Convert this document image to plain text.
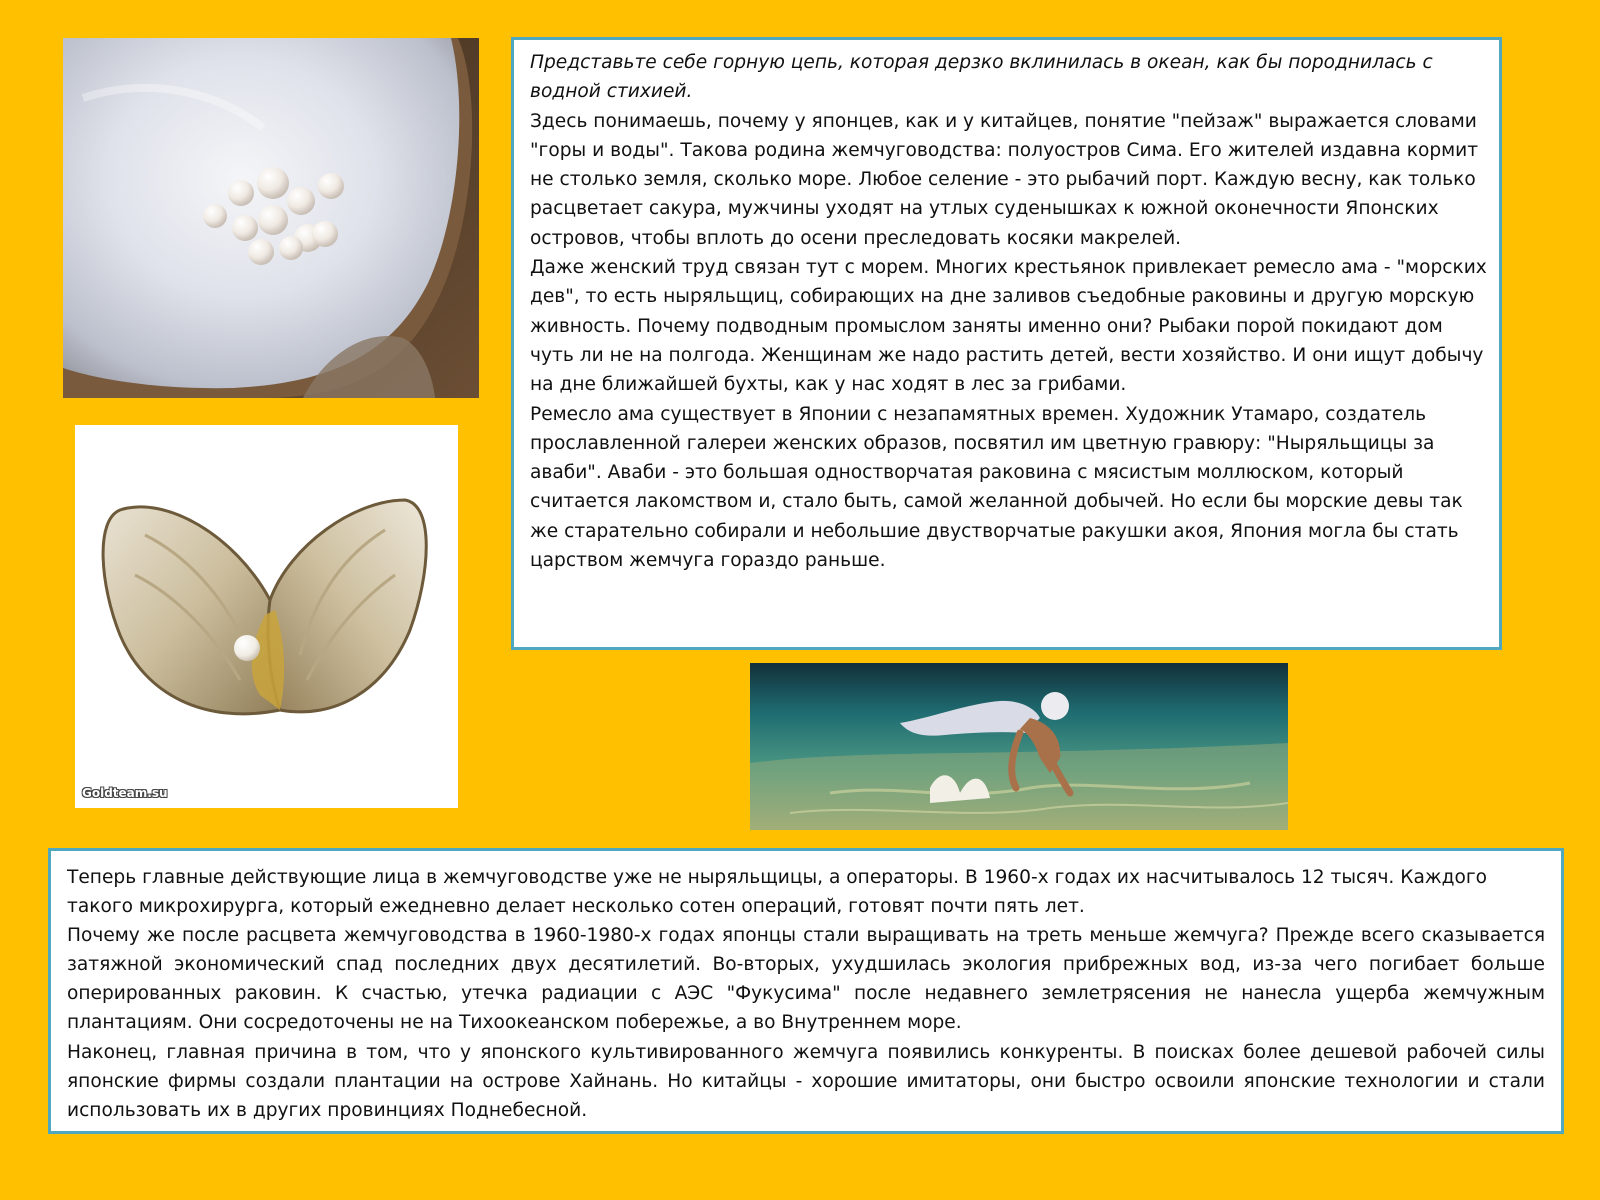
Goldteam.su

Представьте себе горную цепь, которая дерзко вклинилась в океан, как бы породнилась с водной стихией.

Здесь понимаешь, почему у японцев, как и у китайцев, понятие "пейзаж" выражается словами "горы и воды". Такова родина жемчуговодства: полуостров Сима. Его жителей издавна кормит не столько земля, сколько море. Любое селение - это рыбачий порт. Каждую весну, как только расцветает сакура, мужчины уходят на утлых суденышках к южной оконечности Японских островов, чтобы вплоть до осени преследовать косяки макрелей.

Даже женский труд связан тут с морем. Многих крестьянок привлекает ремесло ама - "морских дев", то есть ныряльщиц, собирающих на дне заливов съедобные раковины и другую морскую живность. Почему подводным промыслом заняты именно они? Рыбаки порой покидают дом чуть ли не на полгода. Женщинам же надо растить детей, вести хозяйство. И они ищут добычу на дне ближайшей бухты, как у нас ходят в лес за грибами.

Ремесло ама существует в Японии с незапамятных времен. Художник Утамаро, создатель прославленной галереи женских образов, посвятил им цветную гравюру: "Ныряльщицы за аваби". Аваби - это большая одностворчатая раковина с мясистым моллюском, который считается лакомством и, стало быть, самой желанной добычей. Но если бы морские девы так же старательно собирали и небольшие двустворчатые ракушки акоя, Япония могла бы стать царством жемчуга гораздо раньше.

Теперь главные действующие лица в жемчуговодстве уже не ныряльщицы, а операторы. В 1960-х годах их насчитывалось 12 тысяч. Каждого такого микрохирурга, который ежедневно делает несколько сотен операций, готовят почти пять лет.

Почему же после расцвета жемчуговодства в 1960-1980-х годах японцы стали выращивать на треть меньше жемчуга? Прежде всего сказывается затяжной экономический спад последних двух десятилетий. Во-вторых, ухудшилась экология прибрежных вод, из-за чего погибает больше оперированных раковин. К счастью, утечка радиации с АЭС "Фукусима" после недавнего землетрясения не нанесла ущерба жемчужным плантациям. Они сосредоточены не на Тихоокеанском побережье, а во Внутреннем море.

Наконец, главная причина в том, что у японского культивированного жемчуга появились конкуренты. В поисках более дешевой рабочей силы японские фирмы создали плантации на острове Хайнань. Но китайцы - хорошие имитаторы, они быстро освоили японские технологии и стали использовать их в других провинциях Поднебесной.
